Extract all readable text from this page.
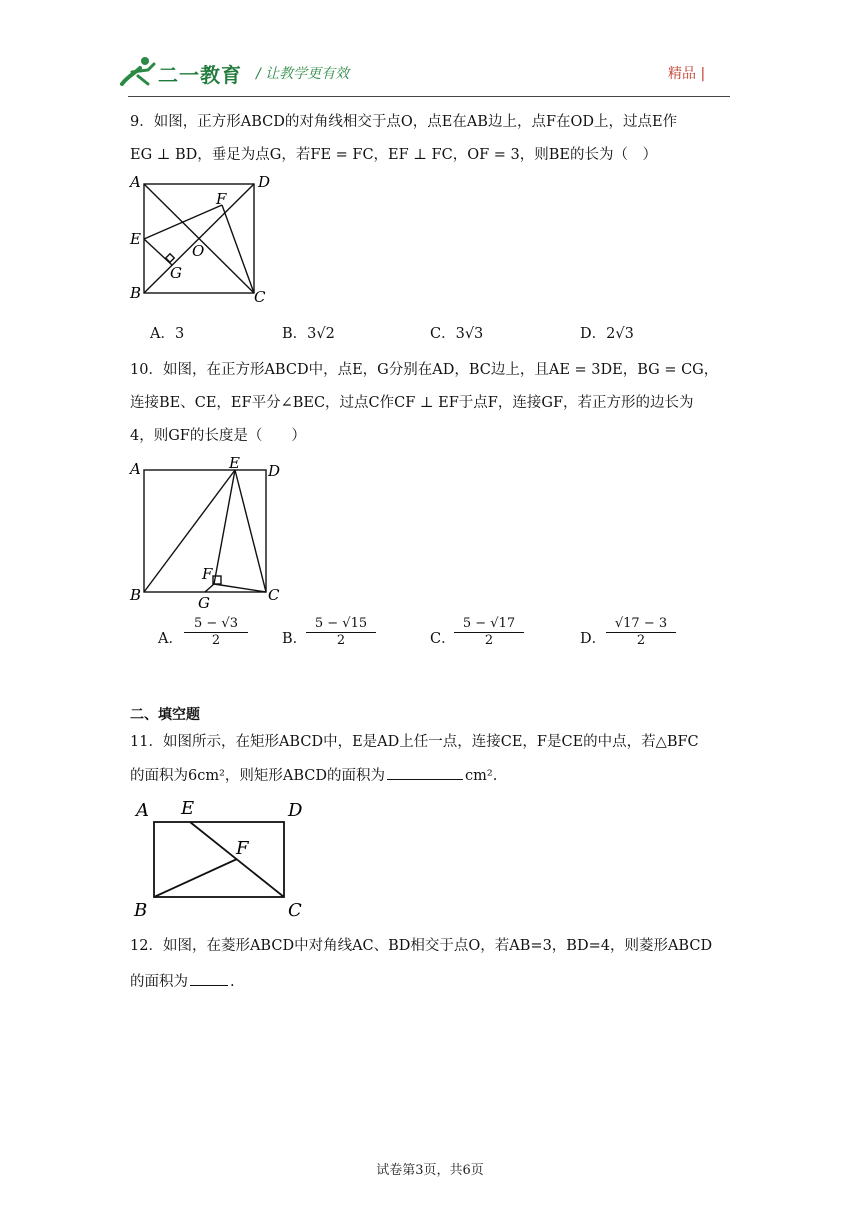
二一教育 / 让教学更有效	精品 |
9．如图，正方形ABCD的对角线相交于点O，点E在AB边上，点F在OD上，过点E作
EG ⊥ BD，垂足为点G，若FE = FC，EF ⊥ FC，OF = 3，则BE的长为（　）
A	D
F
E
O
G
B	C
A．3	B．3√2	C．3√3	D．2√3
10．如图，在正方形ABCD中，点E，G分别在AD，BC边上，且AE = 3DE，BG = CG，
连接BE、CE，EF平分∠BEC，过点C作CF ⊥ EF于点F，连接GF，若正方形的边长为
4，则GF的长度是（　　）
A	E D
F
B	G	C
A．
5 − √3
2	B．
5 − √15
2	C．
5 − √17
2	D．
√17 − 3
2
二、填空题
11．如图所示，在矩形ABCD中，E是AD上任一点，连接CE，F是CE的中点，若△BFC
的面积为6cm²，则矩形ABCD的面积为	cm².
A E	D
F
B	C
12．如图，在菱形ABCD中对角线AC、BD相交于点O，若AB=3，BD=4，则菱形ABCD
的面积为	.
试卷第3页，共6页
